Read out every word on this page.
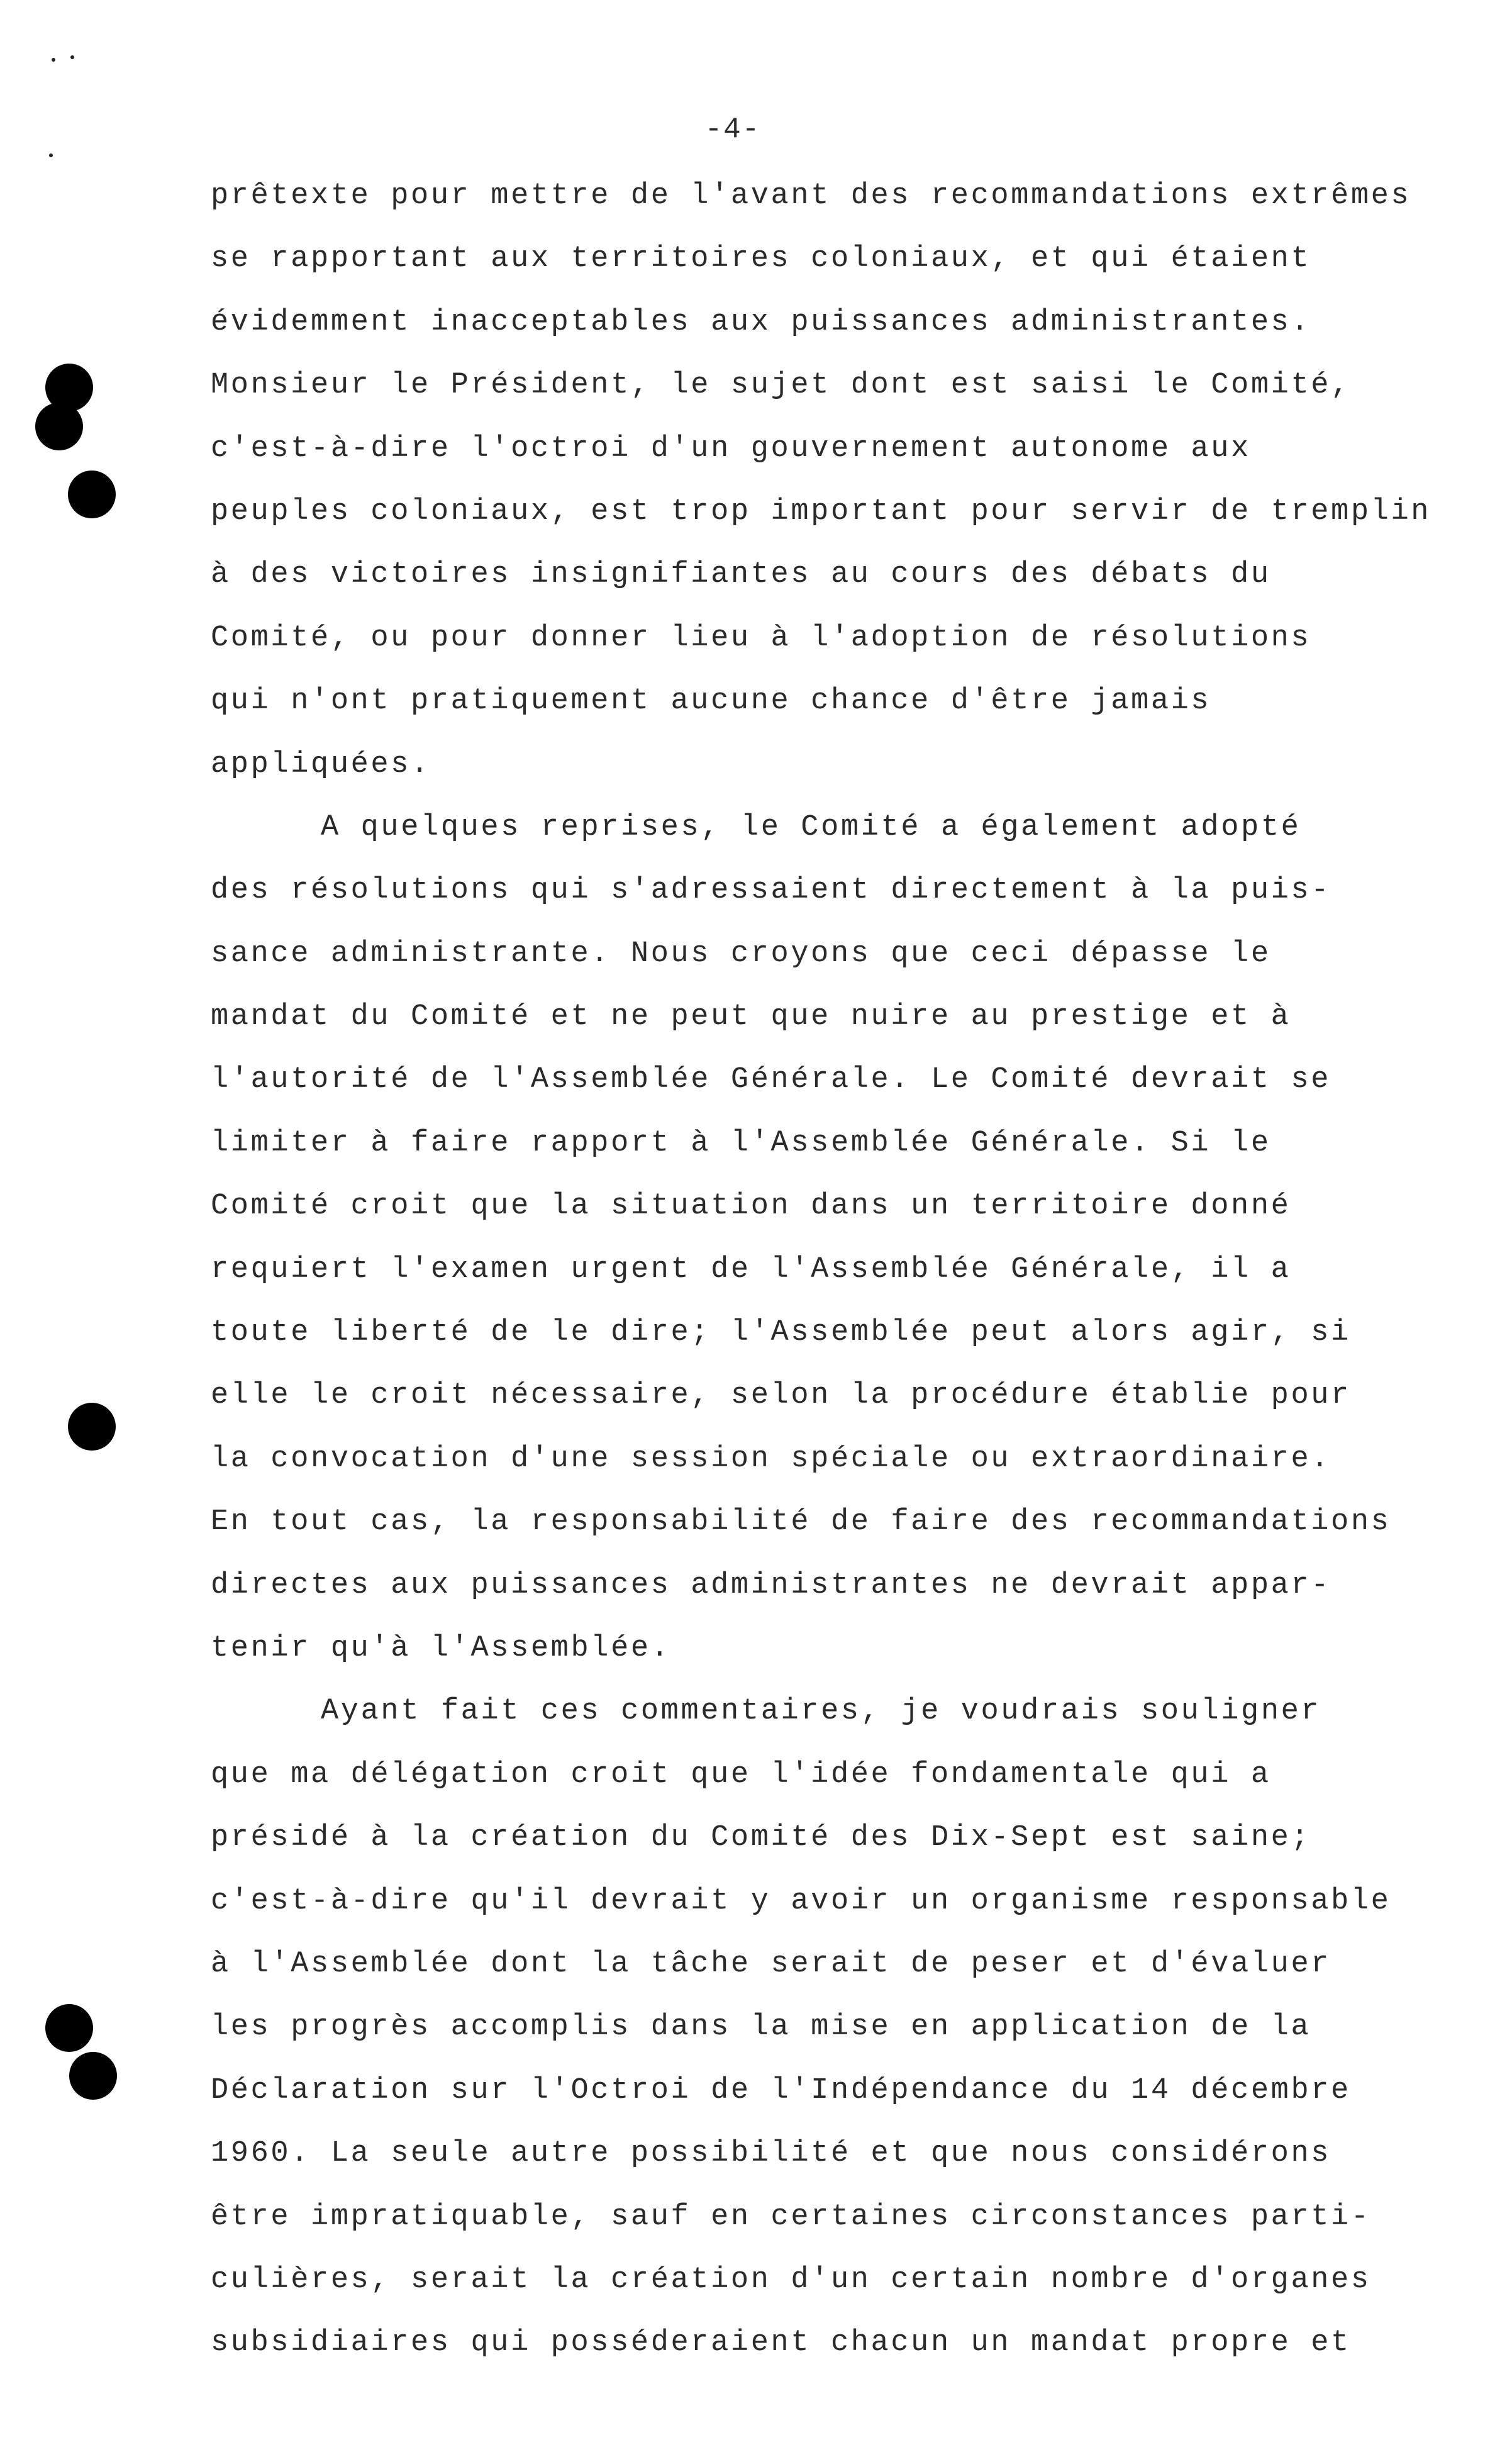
-4-
prêtexte pour mettre de l'avant des recommandations extrêmes
se rapportant aux territoires coloniaux, et qui étaient
évidemment inacceptables aux puissances administrantes.
Monsieur le Président, le sujet dont est saisi le Comité,
c'est-à-dire l'octroi d'un gouvernement autonome aux
peuples coloniaux, est trop important pour servir de tremplin
à des victoires insignifiantes au cours des débats du
Comité, ou pour donner lieu à l'adoption de résolutions
qui n'ont pratiquement aucune chance d'être jamais
appliquées.
A quelques reprises, le Comité a également adopté
des résolutions qui s'adressaient directement à la puis-
sance administrante. Nous croyons que ceci dépasse le
mandat du Comité et ne peut que nuire au prestige et à
l'autorité de l'Assemblée Générale. Le Comité devrait se
limiter à faire rapport à l'Assemblée Générale. Si le
Comité croit que la situation dans un territoire donné
requiert l'examen urgent de l'Assemblée Générale, il a
toute liberté de le dire; l'Assemblée peut alors agir, si
elle le croit nécessaire, selon la procédure établie pour
la convocation d'une session spéciale ou extraordinaire.
En tout cas, la responsabilité de faire des recommandations
directes aux puissances administrantes ne devrait appar-
tenir qu'à l'Assemblée.
Ayant fait ces commentaires, je voudrais souligner
que ma délégation croit que l'idée fondamentale qui a
présidé à la création du Comité des Dix-Sept est saine;
c'est-à-dire qu'il devrait y avoir un organisme responsable
à l'Assemblée dont la tâche serait de peser et d'évaluer
les progrès accomplis dans la mise en application de la
Déclaration sur l'Octroi de l'Indépendance du 14 décembre
1960. La seule autre possibilité et que nous considérons
être impratiquable, sauf en certaines circonstances parti-
culières, serait la création d'un certain nombre d'organes
subsidiaires qui posséderaient chacun un mandat propre et
